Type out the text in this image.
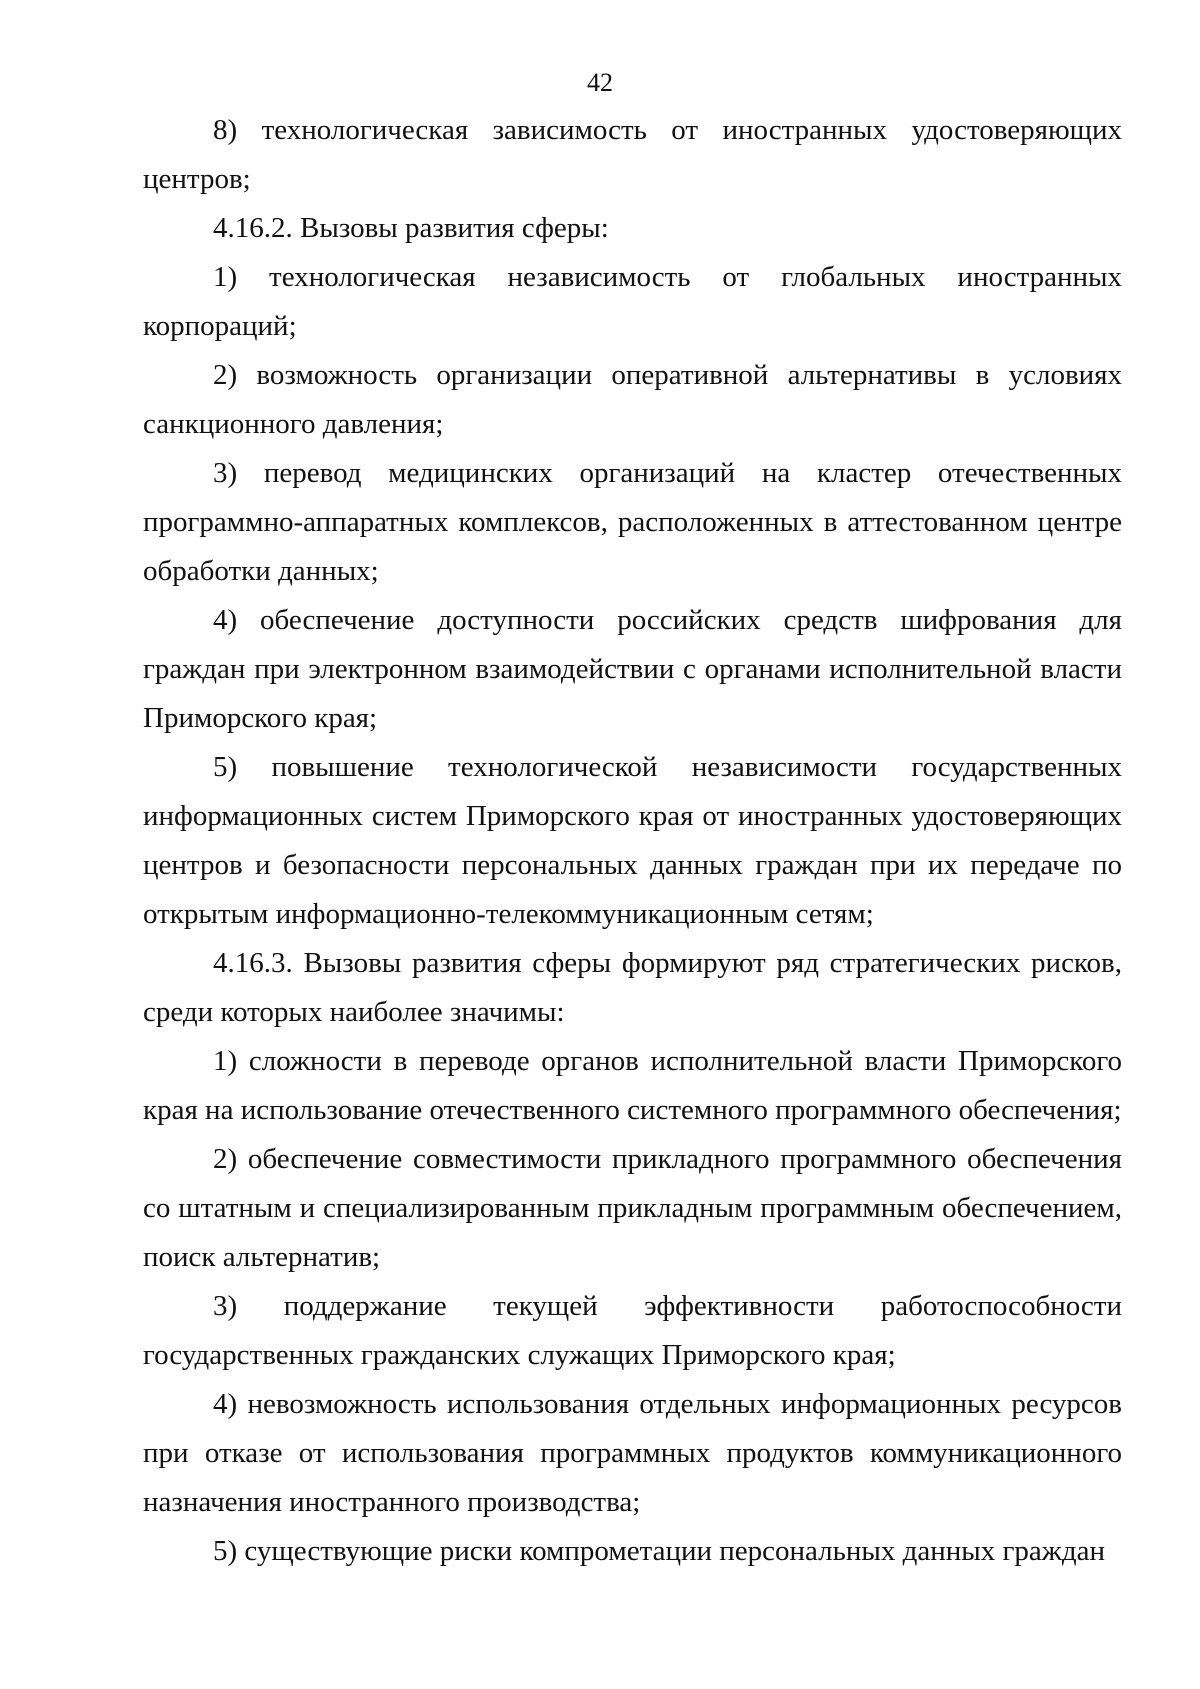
42

8) технологическая зависимость от иностранных удостоверяющих центров;

4.16.2. Вызовы развития сферы:

1) технологическая независимость от глобальных иностранных корпораций;

2) возможность организации оперативной альтернативы в условиях санкционного давления;

3) перевод медицинских организаций на кластер отечественных программно-аппаратных комплексов, расположенных в аттестованном центре обработки данных;

4) обеспечение доступности российских средств шифрования для граждан при электронном взаимодействии с органами исполнительной власти Приморского края;

5) повышение технологической независимости государственных информационных систем Приморского края от иностранных удостоверяющих центров и безопасности персональных данных граждан при их передаче по открытым информационно-телекоммуникационным сетям;

4.16.3. Вызовы развития сферы формируют ряд стратегических рисков, среди которых наиболее значимы:

1) сложности в переводе органов исполнительной власти Приморского края на использование отечественного системного программного обеспечения;

2) обеспечение совместимости прикладного программного обеспечения со штатным и специализированным прикладным программным обеспечением, поиск альтернатив;

3) поддержание текущей эффективности работоспособности государственных гражданских служащих Приморского края;

4) невозможность использования отдельных информационных ресурсов при отказе от использования программных продуктов коммуникационного назначения иностранного производства;

5) существующие риски компрометации персональных данных граждан
